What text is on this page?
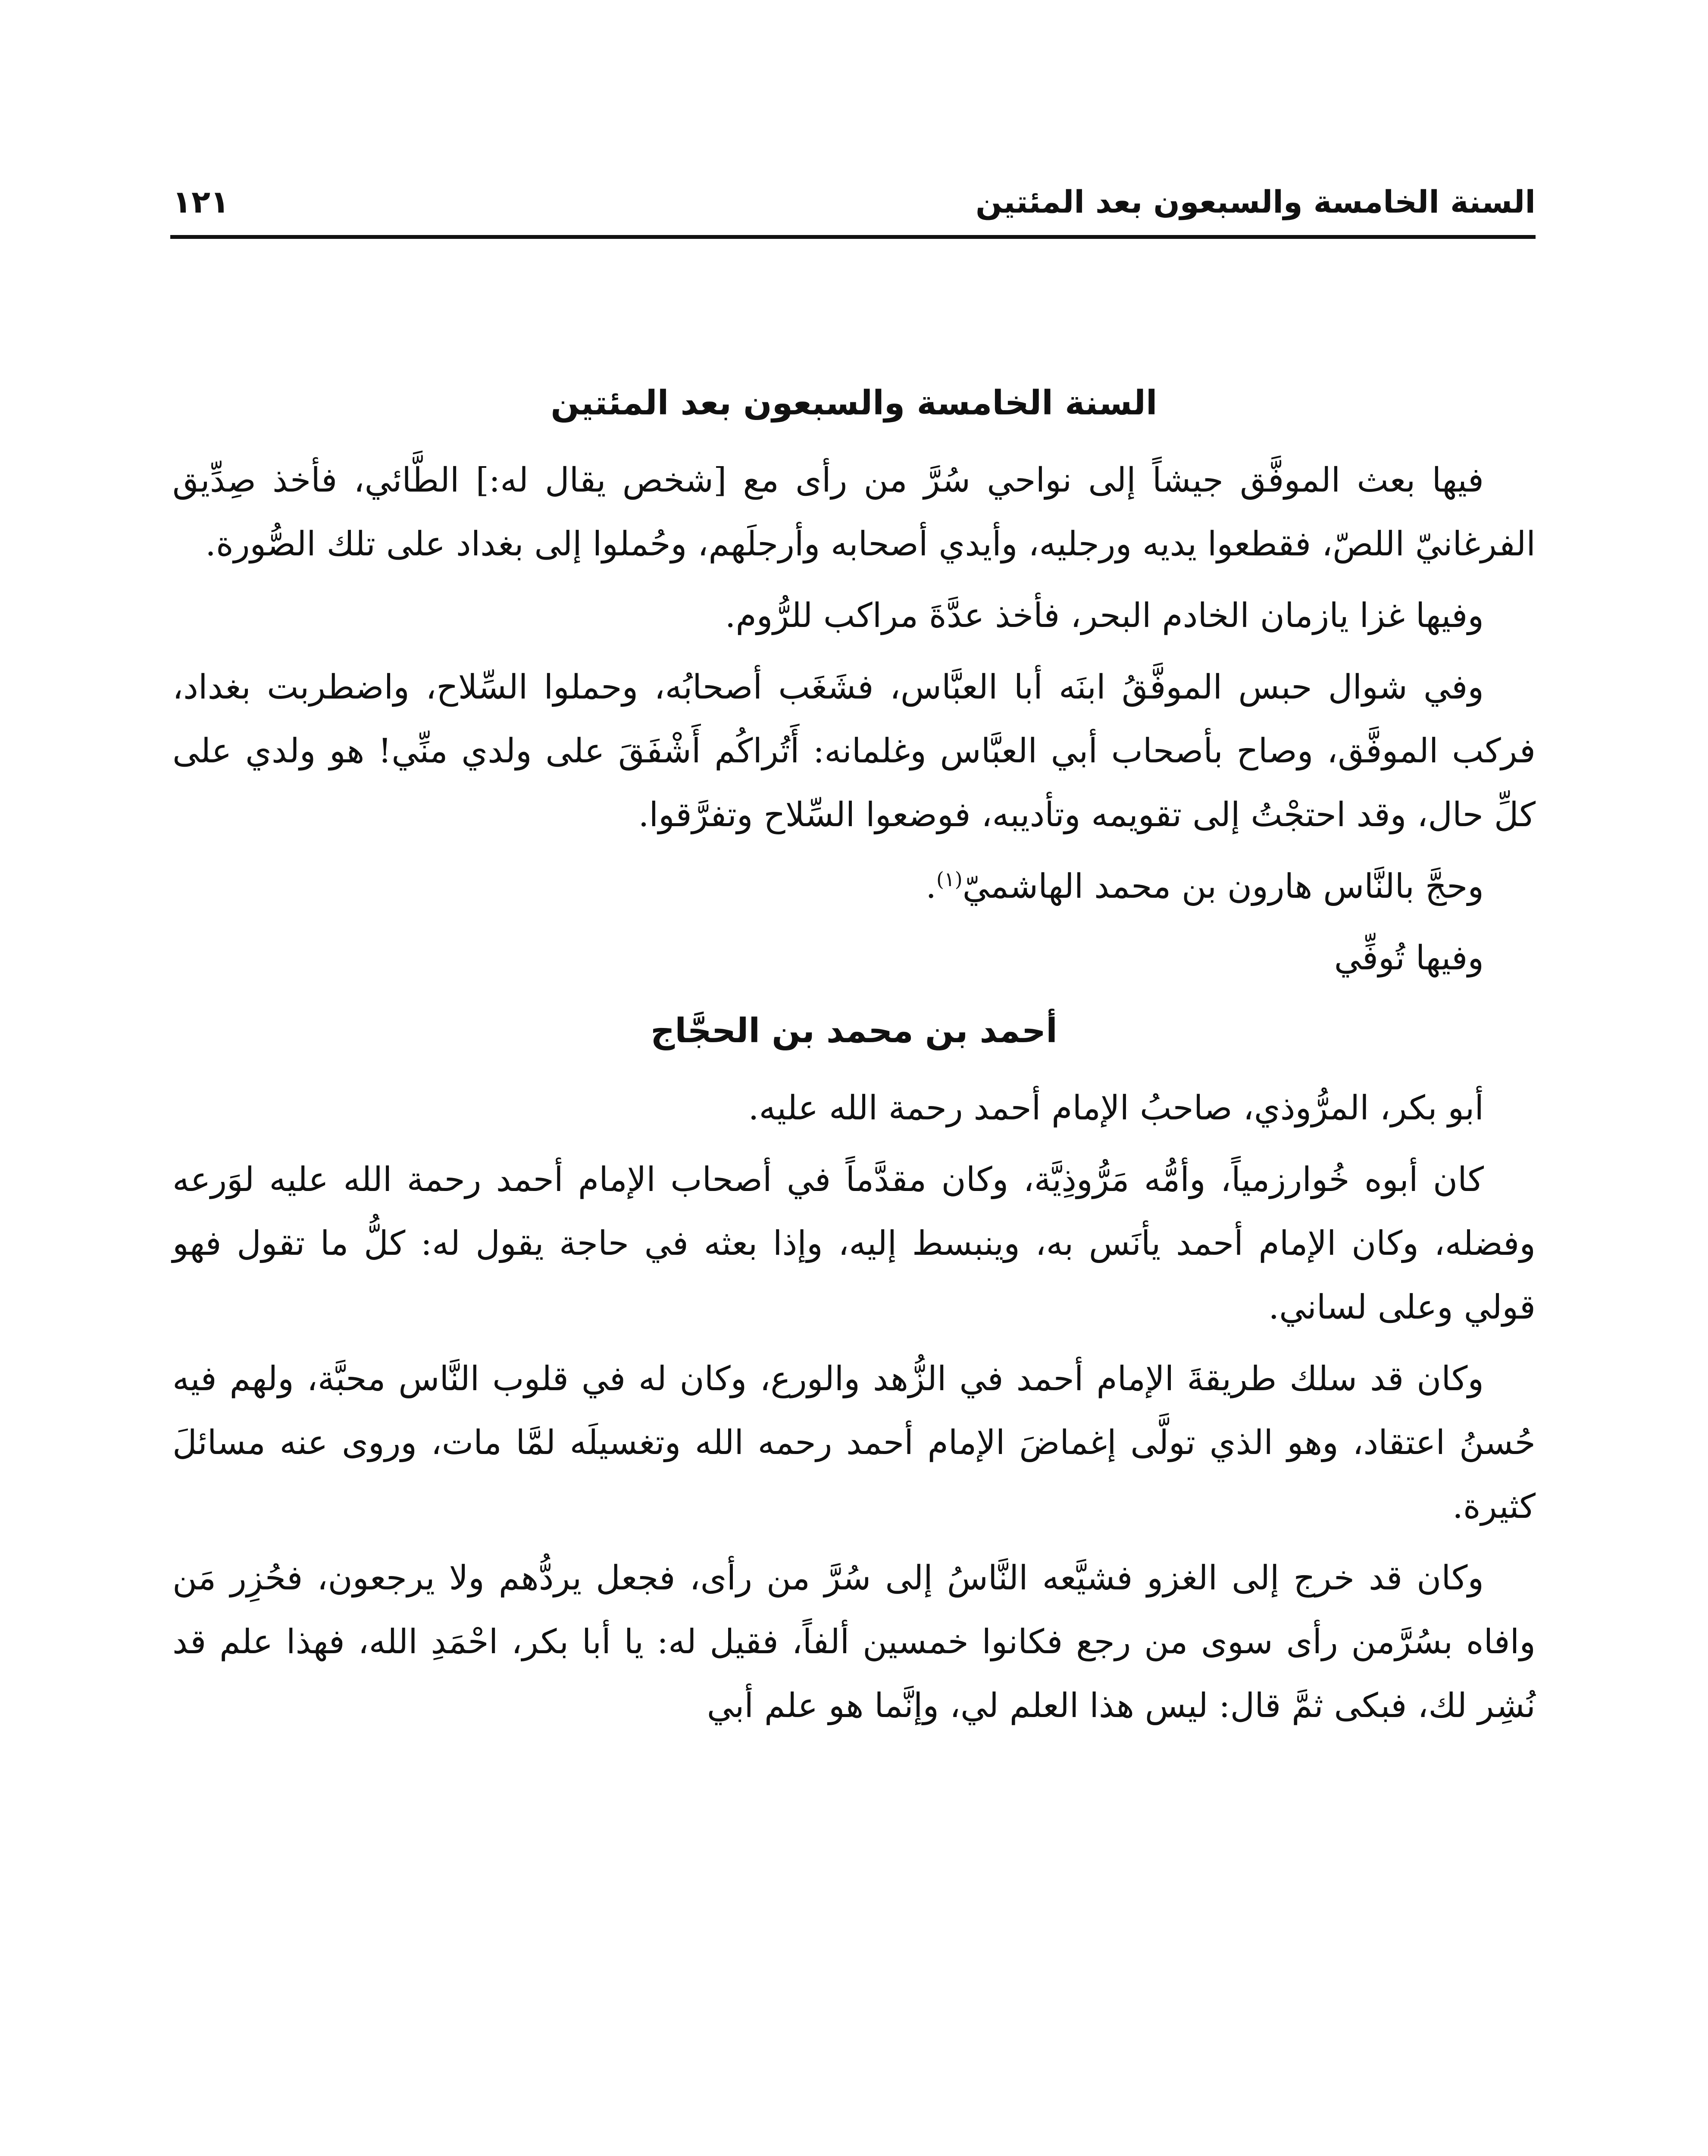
السنة الخامسة والسبعون بعد المئتين
١٢١
السنة الخامسة والسبعون بعد المئتين

فيها بعث الموفَّق جيشاً إلى نواحي سُرَّ من رأى مع [شخص يقال له:] الطَّائي، فأخذ صِدِّيق الفرغانيّ اللصّ، فقطعوا يديه ورجليه، وأيدي أصحابه وأرجلَهم، وحُملوا إلى بغداد على تلك الصُّورة.

وفيها غزا يازمان الخادم البحر، فأخذ عدَّةَ مراكب للرُّوم.

وفي شوال حبس الموفَّقُ ابنَه أبا العبَّاس، فشَغَب أصحابُه، وحملوا السِّلاح، واضطربت بغداد، فركب الموفَّق، وصاح بأصحاب أبي العبَّاس وغلمانه: أَتُراكُم أَشْفَقَ على ولدي منِّي! هو ولدي على كلِّ حال، وقد احتجْتُ إلى تقويمه وتأديبه، فوضعوا السِّلاح وتفرَّقوا.

وحجَّ بالنَّاس هارون بن محمد الهاشميّ$^{(١)}$.

وفيها تُوفِّي

أحمد بن محمد بن الحجَّاج

أبو بكر، المرُّوذي، صاحبُ الإمام أحمد رحمة الله عليه.

كان أبوه خُوارزمياً، وأمُّه مَرُّوذِيَّة، وكان مقدَّماً في أصحاب الإمام أحمد رحمة الله عليه لوَرعه وفضله، وكان الإمام أحمد يأنَس به، وينبسط إليه، وإذا بعثه في حاجة يقول له: كلُّ ما تقول فهو قولي وعلى لساني.

وكان قد سلك طريقةَ الإمام أحمد في الزُّهد والورع، وكان له في قلوب النَّاس محبَّة، ولهم فيه حُسنُ اعتقاد، وهو الذي تولَّى إغماضَ الإمام أحمد رحمه الله وتغسيلَه لمَّا مات، وروى عنه مسائلَ كثيرة.

وكان قد خرج إلى الغزو فشيَّعه النَّاسُ إلى سُرَّ من رأى، فجعل يردُّهم ولا يرجعون، فحُزِر مَن وافاه بسُرَّمن رأى سوى من رجع فكانوا خمسين ألفاً، فقيل له: يا أبا بكر، احْمَدِ الله، فهذا علم قد نُشِر لك، فبكى ثمَّ قال: ليس هذا العلم لي، وإنَّما هو علم أبي
